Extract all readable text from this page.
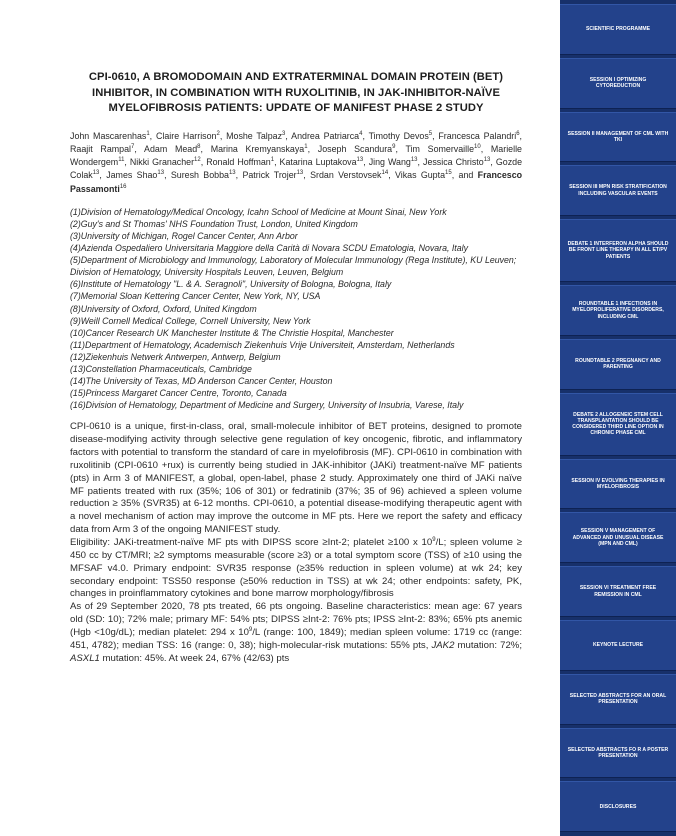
CPI-0610, A BROMODOMAIN AND EXTRATERMINAL DOMAIN PROTEIN (BET) INHIBITOR, IN COMBINATION WITH RUXOLITINIB, IN JAK-INHIBITOR-NAÏVE MYELOFIBROSIS PATIENTS: UPDATE OF MANIFEST PHASE 2 STUDY
John Mascarenhas$^1$, Claire Harrison$^2$, Moshe Talpaz$^3$, Andrea Patriarca$^4$, Timothy Devos$^5$, Francesca Palandri$^6$, Raajit Rampal$^7$, Adam Mead$^8$, Marina Kremyanskaya$^1$, Joseph Scandura$^9$, Tim Somervaille$^{10}$, Marielle Wondergem$^{11}$, Nikki Granacher$^{12}$, Ronald Hoffman$^1$, Katarina Luptakova$^{13}$, Jing Wang$^{13}$, Jessica Christo$^{13}$, Gozde Colak$^{13}$, James Shao$^{13}$, Suresh Bobba$^{13}$, Patrick Trojer$^{13}$, Srdan Verstovsek$^{14}$, Vikas Gupta$^{15}$, and Francesco Passamonti$^{16}$
(1)Division of Hematology/Medical Oncology, Icahn School of Medicine at Mount Sinai, New York
(2)Guy's and St Thomas' NHS Foundation Trust, London, United Kingdom
(3)University of Michigan, Rogel Cancer Center, Ann Arbor
(4)Azienda Ospedaliero Universitaria Maggiore della Carità di Novara SCDU Ematologia, Novara, Italy
(5)Department of Microbiology and Immunology, Laboratory of Molecular Immunology (Rega Institute), KU Leuven; Division of Hematology, University Hospitals Leuven, Leuven, Belgium
(6)Institute of Hematology "L. & A. Seragnoli", University of Bologna, Bologna, Italy
(7)Memorial Sloan Kettering Cancer Center, New York, NY, USA
(8)University of Oxford, Oxford, United Kingdom
(9)Weill Cornell Medical College, Cornell University, New York
(10)Cancer Research UK Manchester Institute & The Christie Hospital, Manchester
(11)Department of Hematology, Academisch Ziekenhuis Vrije Universiteit, Amsterdam, Netherlands
(12)Ziekenhuis Netwerk Antwerpen, Antwerp, Belgium
(13)Constellation Pharmaceuticals, Cambridge
(14)The University of Texas, MD Anderson Cancer Center, Houston
(15)Princess Margaret Cancer Centre, Toronto, Canada
(16)Division of Hematology, Department of Medicine and Surgery, University of Insubria, Varese, Italy

CPI-0610 is a unique, first-in-class, oral, small-molecule inhibitor of BET proteins, designed to promote disease-modifying activity through selective gene regulation of key oncogenic, fibrotic, and inflammatory factors with potential to transform the standard of care in myelofibrosis (MF). CPI-0610 in combination with ruxolitinib (CPI-0610 +rux) is currently being studied in JAK-inhibitor (JAKi) treatment-naïve MF patients (pts) in Arm 3 of MANIFEST, a global, open-label, phase 2 study. Approximately one third of JAKi naïve MF patients treated with rux (35%; 106 of 301) or fedratinib (37%; 35 of 96) achieved a spleen volume reduction ≥ 35% (SVR35) at 6-12 months. CPI-0610, a potential disease-modifying therapeutic agent with a novel mechanism of action may improve the outcome in MF pts. Here we report the safety and efficacy data from Arm 3 of the ongoing MANIFEST study.

Eligibility: JAKi-treatment-naïve MF pts with DIPSS score ≥Int-2; platelet ≥100 x $10^9/L$; spleen volume ≥ 450 cc by CT/MRI; ≥2 symptoms measurable (score ≥3) or a total symptom score (TSS) of ≥10 using the MFSAF v4.0. Primary endpoint: SVR35 response (≥35% reduction in spleen volume) at wk 24; key secondary endpoint: TSS50 response (≥50% reduction in TSS) at wk 24; other endpoints: safety, PK, changes in proinflammatory cytokines and bone marrow morphology/fibrosis

As of 29 September 2020, 78 pts treated, 66 pts ongoing. Baseline characteristics: mean age: 67 years old (SD: 10); 72% male; primary MF: 54% pts; DIPSS ≥Int-2: 76% pts; IPSS ≥Int-2: 83%; 65% pts anemic (Hgb <10g/dL); median platelet: 294 x $10^9/L$ (range: 100, 1849); median spleen volume: 1719 cc (range: 451, 4782); median TSS: 16 (range: 0, 38); high-molecular-risk mutations: 55% pts, JAK2 mutation: 72%; ASXL1 mutation: 45%. At week 24, 67% (42/63) pts

SCIENTIFIC PROGRAMME
SESSION I OPTIMIZING CYTOREDUCTION
SESSION II MANAGEMENT OF CML WITH TKI
SESSION III MPN RISK STRATIFICATION INCLUDING VASCULAR EVENTS
DEBATE 1 INTERFERON ALPHA SHOULD BE FRONT LINE THERAPY IN ALL ET/PV PATIENTS
ROUNDTABLE 1 INFECTIONS IN MYELOPROLIFERATIVE DISORDERS, INCLUDING CML
ROUNDTABLE 2 PREGNANCY AND PARENTING
DEBATE 2 ALLOGENEIC STEM CELL TRANSPLANTATION SHOULD BE CONSIDERED THIRD LINE OPTION IN CHRONIC PHASE CML
SESSION IV EVOLVING THERAPIES IN MYELOFIBROSIS
SESSION V MANAGEMENT OF ADVANCED AND UNUSUAL DISEASE (MPN AND CML)
SESSION VI TREATMENT FREE REMISSION IN CML
KEYNOTE LECTURE
SELECTED ABSTRACTS FOR AN ORAL PRESENTATION
SELECTED ABSTRACTS FO R A POSTER PRESENTATION
DISCLOSURES
